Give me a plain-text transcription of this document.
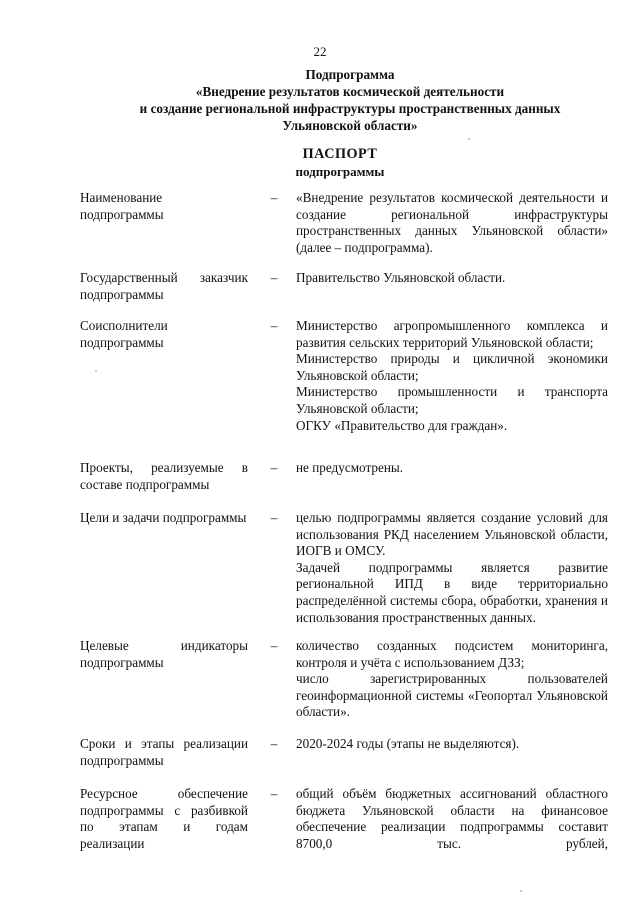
22
Подпрограмма
«Внедрение результатов космической деятельности
и создание региональной инфраструктуры пространственных данных
Ульяновской области»
ПАСПОРТ
подпрограммы
Наименование подпрограммы
– «Внедрение результатов космической деятельности и создание региональной инфраструктуры пространственных данных Ульяновской области» (далее – подпрограмма).
Государственный заказчик подпрограммы
– Правительство Ульяновской области.
Соисполнители подпрограммы
– Министерство агропромышленного комплекса и развития сельских территорий Ульяновской области;
Министерство природы и цикличной экономики Ульяновской области;
Министерство промышленности и транспорта Ульяновской области;
ОГКУ «Правительство для граждан».
Проекты, реализуемые в составе подпрограммы
– не предусмотрены.
Цели и задачи подпрограммы – целью подпрограммы является создание условий для использования РКД населением Ульяновской области, ИОГВ и ОМСУ.
Задачей подпрограммы является развитие региональной ИПД в виде территориально распределённой системы сбора, обработки, хранения и использования пространственных данных.
Целевые индикаторы подпрограммы
– количество созданных подсистем мониторинга, контроля и учёта с использованием ДЗЗ;
число зарегистрированных пользователей геоинформационной системы «Геопортал Ульяновской области».
Сроки и этапы реализации подпрограммы
– 2020-2024 годы (этапы не выделяются).
Ресурсное обеспечение подпрограммы с разбивкой по этапам и годам реализации
– общий объём бюджетных ассигнований областного бюджета Ульяновской области на финансовое обеспечение реализации подпрограммы составит 8700,0 тыс. рублей,
